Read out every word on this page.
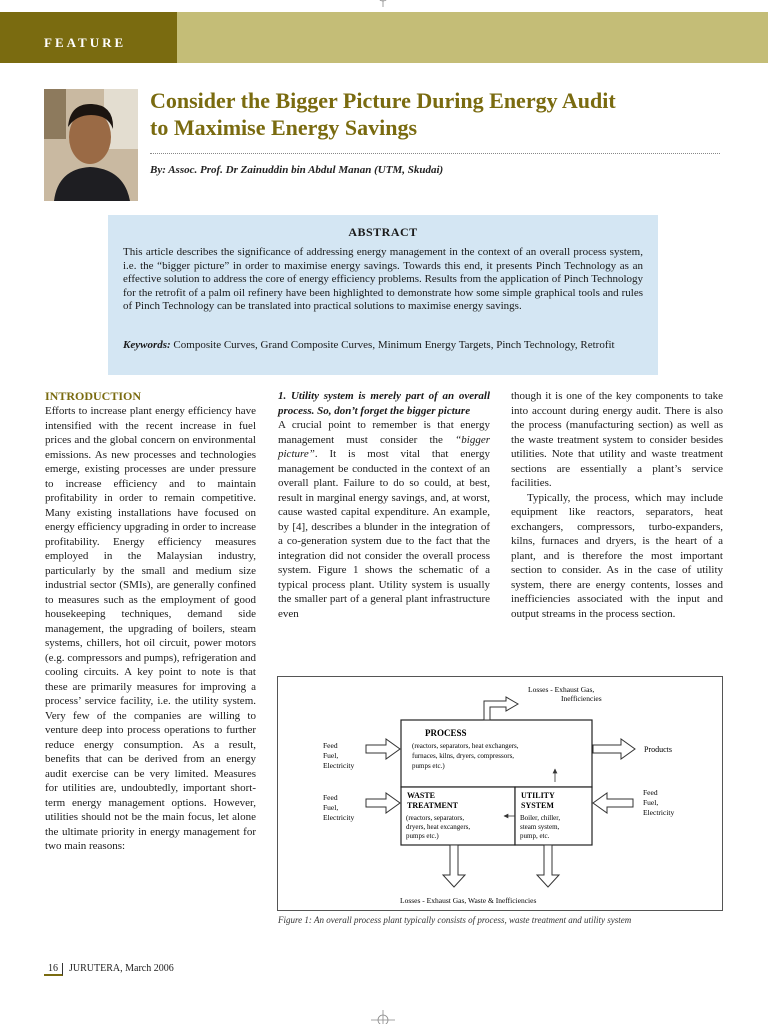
FEATURE
Consider the Bigger Picture During Energy Audit
to Maximise Energy Savings
By: Assoc. Prof. Dr Zainuddin bin Abdul Manan (UTM, Skudai)
ABSTRACT

This article describes the significance of addressing energy management in the context of an overall process system, i.e. the “bigger picture” in order to maximise energy savings. Towards this end, it presents Pinch Technology as an effective solution to address the core of energy efficiency problems. Results from the application of Pinch Technology for the retrofit of a palm oil refinery have been highlighted to demonstrate how some simple graphical tools and rules of Pinch Technology can be translated into practical solutions to maximise energy savings.

Keywords: Composite Curves, Grand Composite Curves, Minimum Energy Targets, Pinch Technology, Retrofit

INTRODUCTION

Efforts to increase plant energy efficiency have intensified with the recent increase in fuel prices and the global concern on environmental emissions. As new processes and technologies emerge, existing processes are under pressure to increase efficiency and to maintain profitability in order to remain competitive. Many existing installations have focused on energy efficiency upgrading in order to increase profitability. Energy efficiency measures employed in the Malaysian industry, particularly by the small and medium size industrial sector (SMIs), are generally confined to measures such as the employment of good housekeeping techniques, demand side management, the upgrading of boilers, steam systems, chillers, hot oil circuit, power motors (e.g. compressors and pumps), refrigeration and cooling circuits. A key point to note is that these are primarily measures for improving a process’ service facility, i.e. the utility system. Very few of the companies are willing to venture deep into process operations to further reduce energy consumption. As a result, benefits that can be derived from an energy audit exercise can be very limited. Measures for utilities are, undoubtedly, important short-term energy management options. However, utilities should not be the main focus, let alone the ultimate priority in energy management for two main reasons:

1. Utility system is merely part of an overall process. So, don’t forget the bigger picture

A crucial point to remember is that energy management must consider the “bigger picture”. It is most vital that energy management be conducted in the context of an overall plant. Failure to do so could, at best, result in marginal energy savings, and, at worst, cause wasted capital expenditure. An example, by [4], describes a blunder in the integration of a co-generation system due to the fact that the integration did not consider the overall process system. Figure 1 shows the schematic of a typical process plant. Utility system is usually the smaller part of a general plant infrastructure even

though it is one of the key components to take into account during energy audit. There is also the process (manufacturing section) as well as the waste treatment system to consider besides utilities. Note that utility and waste treatment sections are essentially a plant’s service facilities.

Typically, the process, which may include equipment like reactors, separators, heat exchangers, compressors, turbo-expanders, kilns, furnaces and dryers, is the heart of a plant, and is therefore the most important section to consider. As in the case of utility system, there are energy contents, losses and inefficiencies associated with the input and output streams in the process section.

PROCESS
(reactors, separators, heat exchangers,
furnaces, kilns, dryers, compressors,
pumps etc.)
WASTE
TREATMENT
(reactors, separators,
dryers, heat excangers,
pumps etc.)
UTILITY
SYSTEM
Boiler, chiller,
steam system,
pump, etc.
Losses - Exhaust Gas,
Inefficiencies
Feed
Fuel,
Electricity
Feed
Fuel,
Electricity
Products
Feed
Fuel,
Electricity
Losses - Exhaust Gas, Waste & Inefficiencies
Figure 1: An overall process plant typically consists of process, waste treatment and utility system
16 JURUTERA, March 2006
